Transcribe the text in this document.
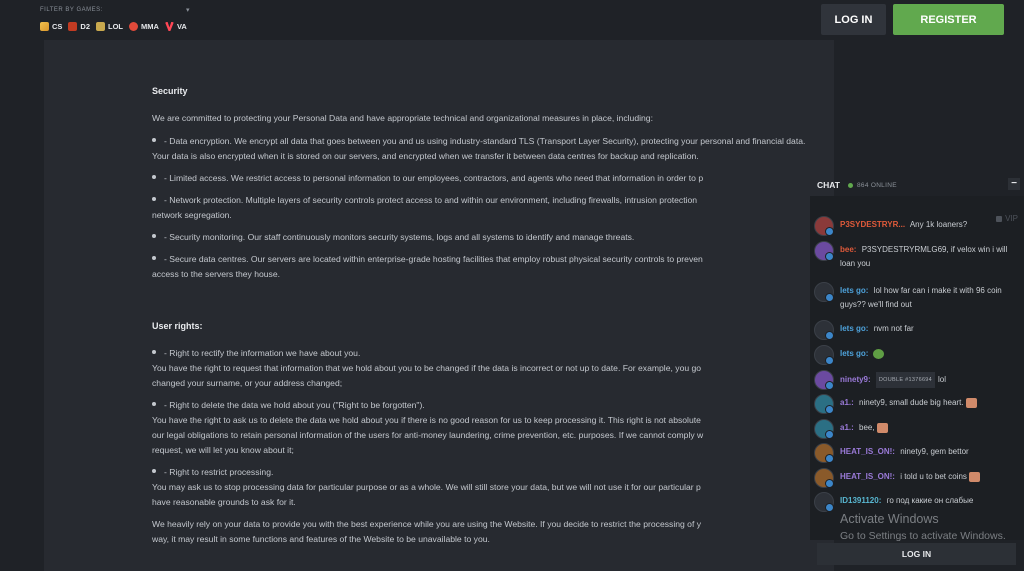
FILTER BY GAMES:	▾
CS D2 LOL MMA VA
LOG IN	REGISTER
Security
We are committed to protecting your Personal Data and have appropriate technical and organizational measures in place, including:
- Data encryption. We encrypt all data that goes between you and us using industry-standard TLS (Transport Layer Security), protecting your personal and financial data.
Your data is also encrypted when it is stored on our servers, and encrypted when we transfer it between data centres for backup and replication.
- Limited access. We restrict access to personal information to our employees, contractors, and agents who need that information in order to p
- Network protection. Multiple layers of security controls protect access to and within our environment, including firewalls, intrusion protection
network segregation.
- Security monitoring. Our staff continuously monitors security systems, logs and all systems to identify and manage threats.
- Secure data centres. Our servers are located within enterprise-grade hosting facilities that employ robust physical security controls to preven
access to the servers they house.
User rights:
- Right to rectify the information we have about you.
You have the right to request that information that we hold about you to be changed if the data is incorrect or not up to date. For example, you go
changed your surname, or your address changed;
- Right to delete the data we hold about you ("Right to be forgotten").
You have the right to ask us to delete the data we hold about you if there is no good reason for us to keep processing it. This right is not absolute
our legal obligations to retain personal information of the users for anti-money laundering, crime prevention, etc. purposes. If we cannot comply w
request, we will let you know about it;
- Right to restrict processing.
You may ask us to stop processing data for particular purpose or as a whole. We will still store your data, but we will not use it for our particular p
have reasonable grounds to ask for it.
We heavily rely on your data to provide you with the best experience while you are using the Website. If you decide to restrict the processing of y
way, it may result in some functions and features of the Website to be unavailable to you.
CHAT	864 ONLINE	−
VIP
P3SYDESTRYR... Any 1k loaners?
bee: P3SYDESTRYRMLG69, if velox win i will loan you
lets go: lol how far can i make it with 96 coin guys?? we'll find out
lets go: nvm not far
lets go:
ninety9: DOUBLE #1376694 lol
a1.: ninety9, small dude big heart.
a1.: bee,
HEAT_IS_ON!: ninety9, gem bettor
HEAT_IS_ON!: i told u to bet coins
ID1391120: го под какие он слабые
Activate Windows
Go to Settings to activate Windows.
LOG IN
